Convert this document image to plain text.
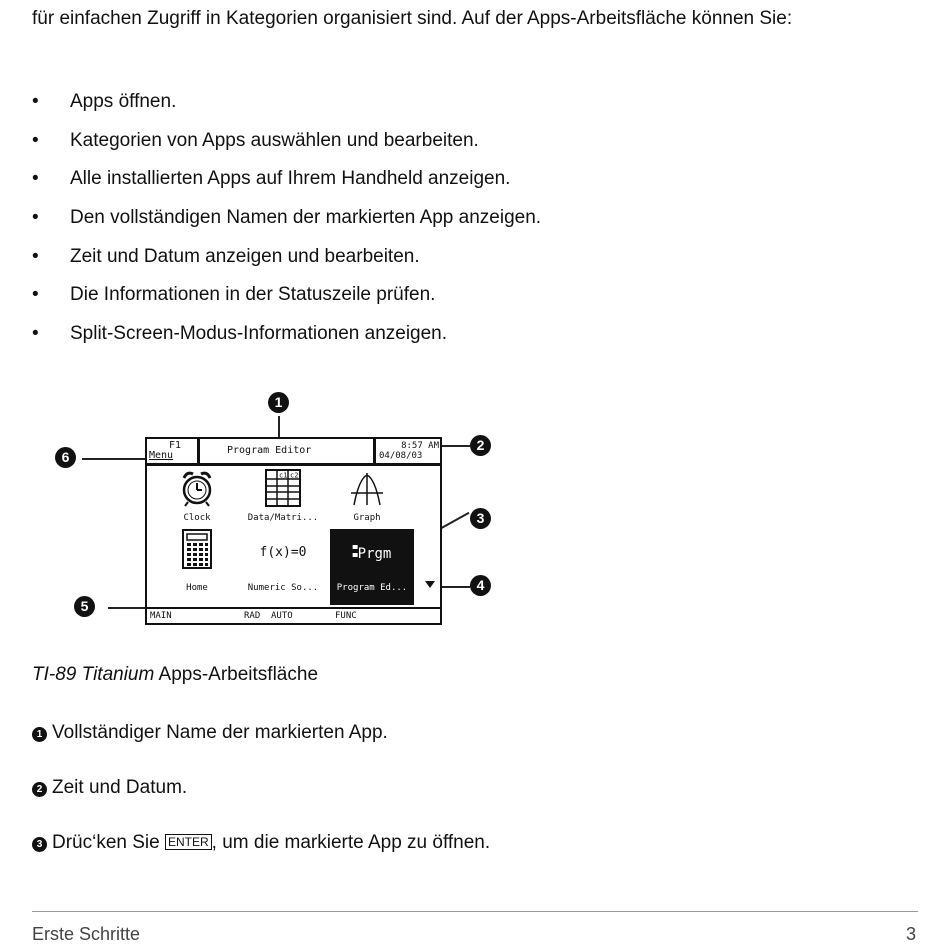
für einfachen Zugriff in Kategorien organisiert sind. Auf der Apps-Arbeitsfläche können Sie:

• Apps öffnen.
• Kategorien von Apps auswählen und bearbeiten.
• Alle installierten Apps auf Ihrem Handheld anzeigen.
• Den vollständigen Namen der markierten App anzeigen.
• Zeit und Datum anzeigen und bearbeiten.
• Die Informationen in der Statuszeile prüfen.
• Split-Screen-Modus-Informationen anzeigen.
1
2
3
4
5
6
F1
Menu	Program Editor	8:57 AM
04/08/03
Clock
c1 c2
Data/Matri...	Graph
Home
f(x)=0
Numeric So...
Prgm
Program Ed...
MAIN	RAD AUTO	FUNC

TI-89 Titanium Apps-Arbeitsfläche

1 Vollständiger Name der markierten App.

2 Zeit und Datum.

3 Drüc‘ken Sie ENTER , um die markierte App zu öffnen.

Erste Schritte	3
